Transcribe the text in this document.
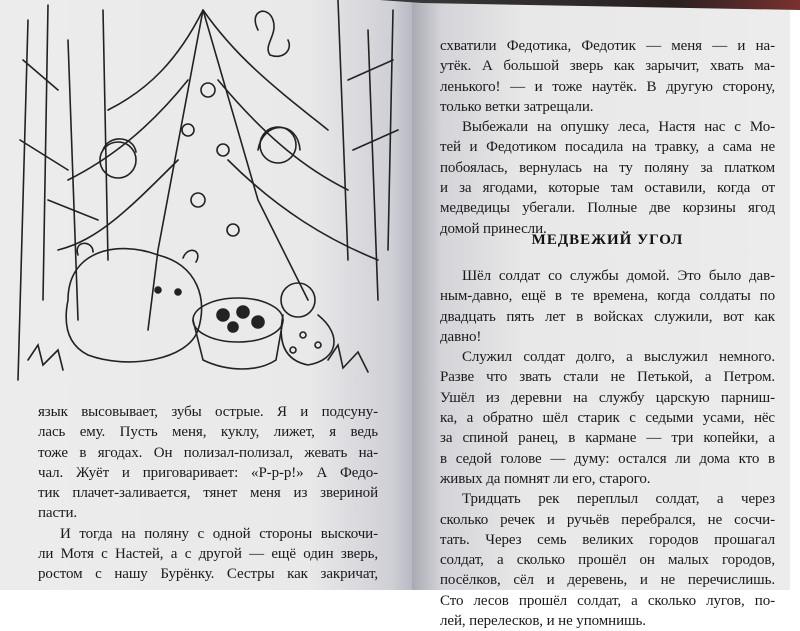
язык высовывает, зубы острые. Я и подсуну-
лась ему. Пусть меня, куклу, лижет, я ведь
тоже в ягодах. Он полизал-полизал, жевать на-
чал. Жуёт и приговаривает: «Р-р-р!» А Федо-
тик плачет-заливается, тянет меня из звериной
пасти.
И тогда на поляну с одной стороны выскочи-
ли Мотя с Настей, а с другой — ещё один зверь,
ростом с нашу Бурёнку. Сестры как закричат,
схватили Федотика, Федотик — меня — и на-
утёк. А большой зверь как зарычит, хвать ма-
ленького! — и тоже наутёк. В другую сторону,
только ветки затрещали.
Выбежали на опушку леса, Настя нас с Мо-
тей и Федотиком посадила на травку, а сама не
побоялась, вернулась на ту поляну за платком
и за ягодами, которые там оставили, когда от
медведицы убегали. Полные две корзины ягод
домой принесли.
МЕДВЕЖИЙ УГОЛ
Шёл солдат со службы домой. Это было дав-
ным-давно, ещё в те времена, когда солдаты по
двадцать пять лет в войсках служили, вот как
давно!
Служил солдат долго, а выслужил немного.
Разве что звать стали не Петькой, а Петром.
Ушёл из деревни на службу царскую парниш-
ка, а обратно шёл старик с седыми усами, нёс
за спиной ранец, в кармане — три копейки, а
в седой голове — думу: остался ли дома кто в
живых да помнят ли его, старого.
Тридцать рек переплыл солдат, а через
сколько речек и ручьёв перебрался, не сосчи-
тать. Через семь великих городов прошагал
солдат, а сколько прошёл он малых городов,
посёлков, сёл и деревень, и не перечислишь.
Сто лесов прошёл солдат, а сколько лугов, по-
лей, перелесков, и не упомнишь.
